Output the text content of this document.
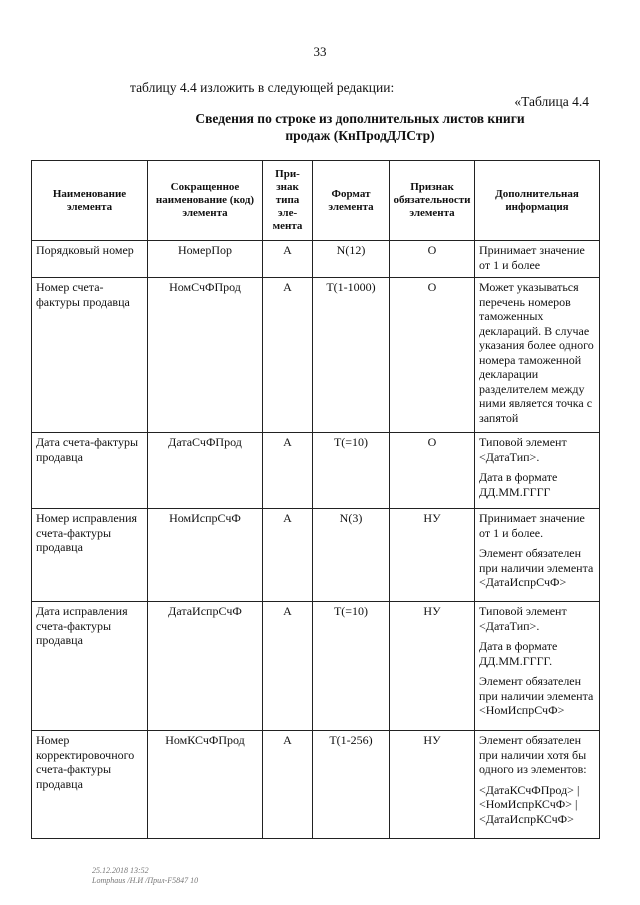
33
таблицу 4.4 изложить в следующей редакции:
«Таблица 4.4
Сведения по строке из дополнительных листов книги
продаж (КнПродДЛСтр)
Наименование элемента	Сокращенное наименование (код) элемента	При-знак типа эле-мента	Формат элемента	Признак обязательности элемента	Дополнительная информация
Порядковый номер	НомерПор	А	N(12)	О	Принимает значение от 1 и более

Номер счета-фактуры продавца	НомСчФПрод	А	T(1-1000)	О	Может указываться перечень номеров таможенных деклараций. В случае указания более одного номера таможенной декларации разделителем между ними является точка с запятой

Дата счета-фактуры продавца	ДатаСчФПрод	А	T(=10)	О	Типовой элемент <ДатаТип>.

Дата в формате ДД.ММ.ГГГГ

Номер исправления счета-фактуры продавца	НомИспрСчФ	А	N(3)	НУ	Принимает значение от 1 и более.

Элемент обязателен при наличии элемента <ДатаИспрСчФ>

Дата исправления счета-фактуры продавца	ДатаИспрСчФ	А	T(=10)	НУ	Типовой элемент <ДатаТип>.

Дата в формате ДД.ММ.ГГГГ.

Элемент обязателен при наличии элемента <НомИспрСчФ>

Номер корректировочного счета-фактуры продавца	НомКСчФПрод	А	T(1-256)	НУ	Элемент обязателен при наличии хотя бы одного из элементов:

<ДатаКСчФПрод> | <НомИспрКСчФ> | <ДатаИспрКСчФ>

25.12.2018 13:52
Lomphaus /Н.И /Прил-F5847 10
